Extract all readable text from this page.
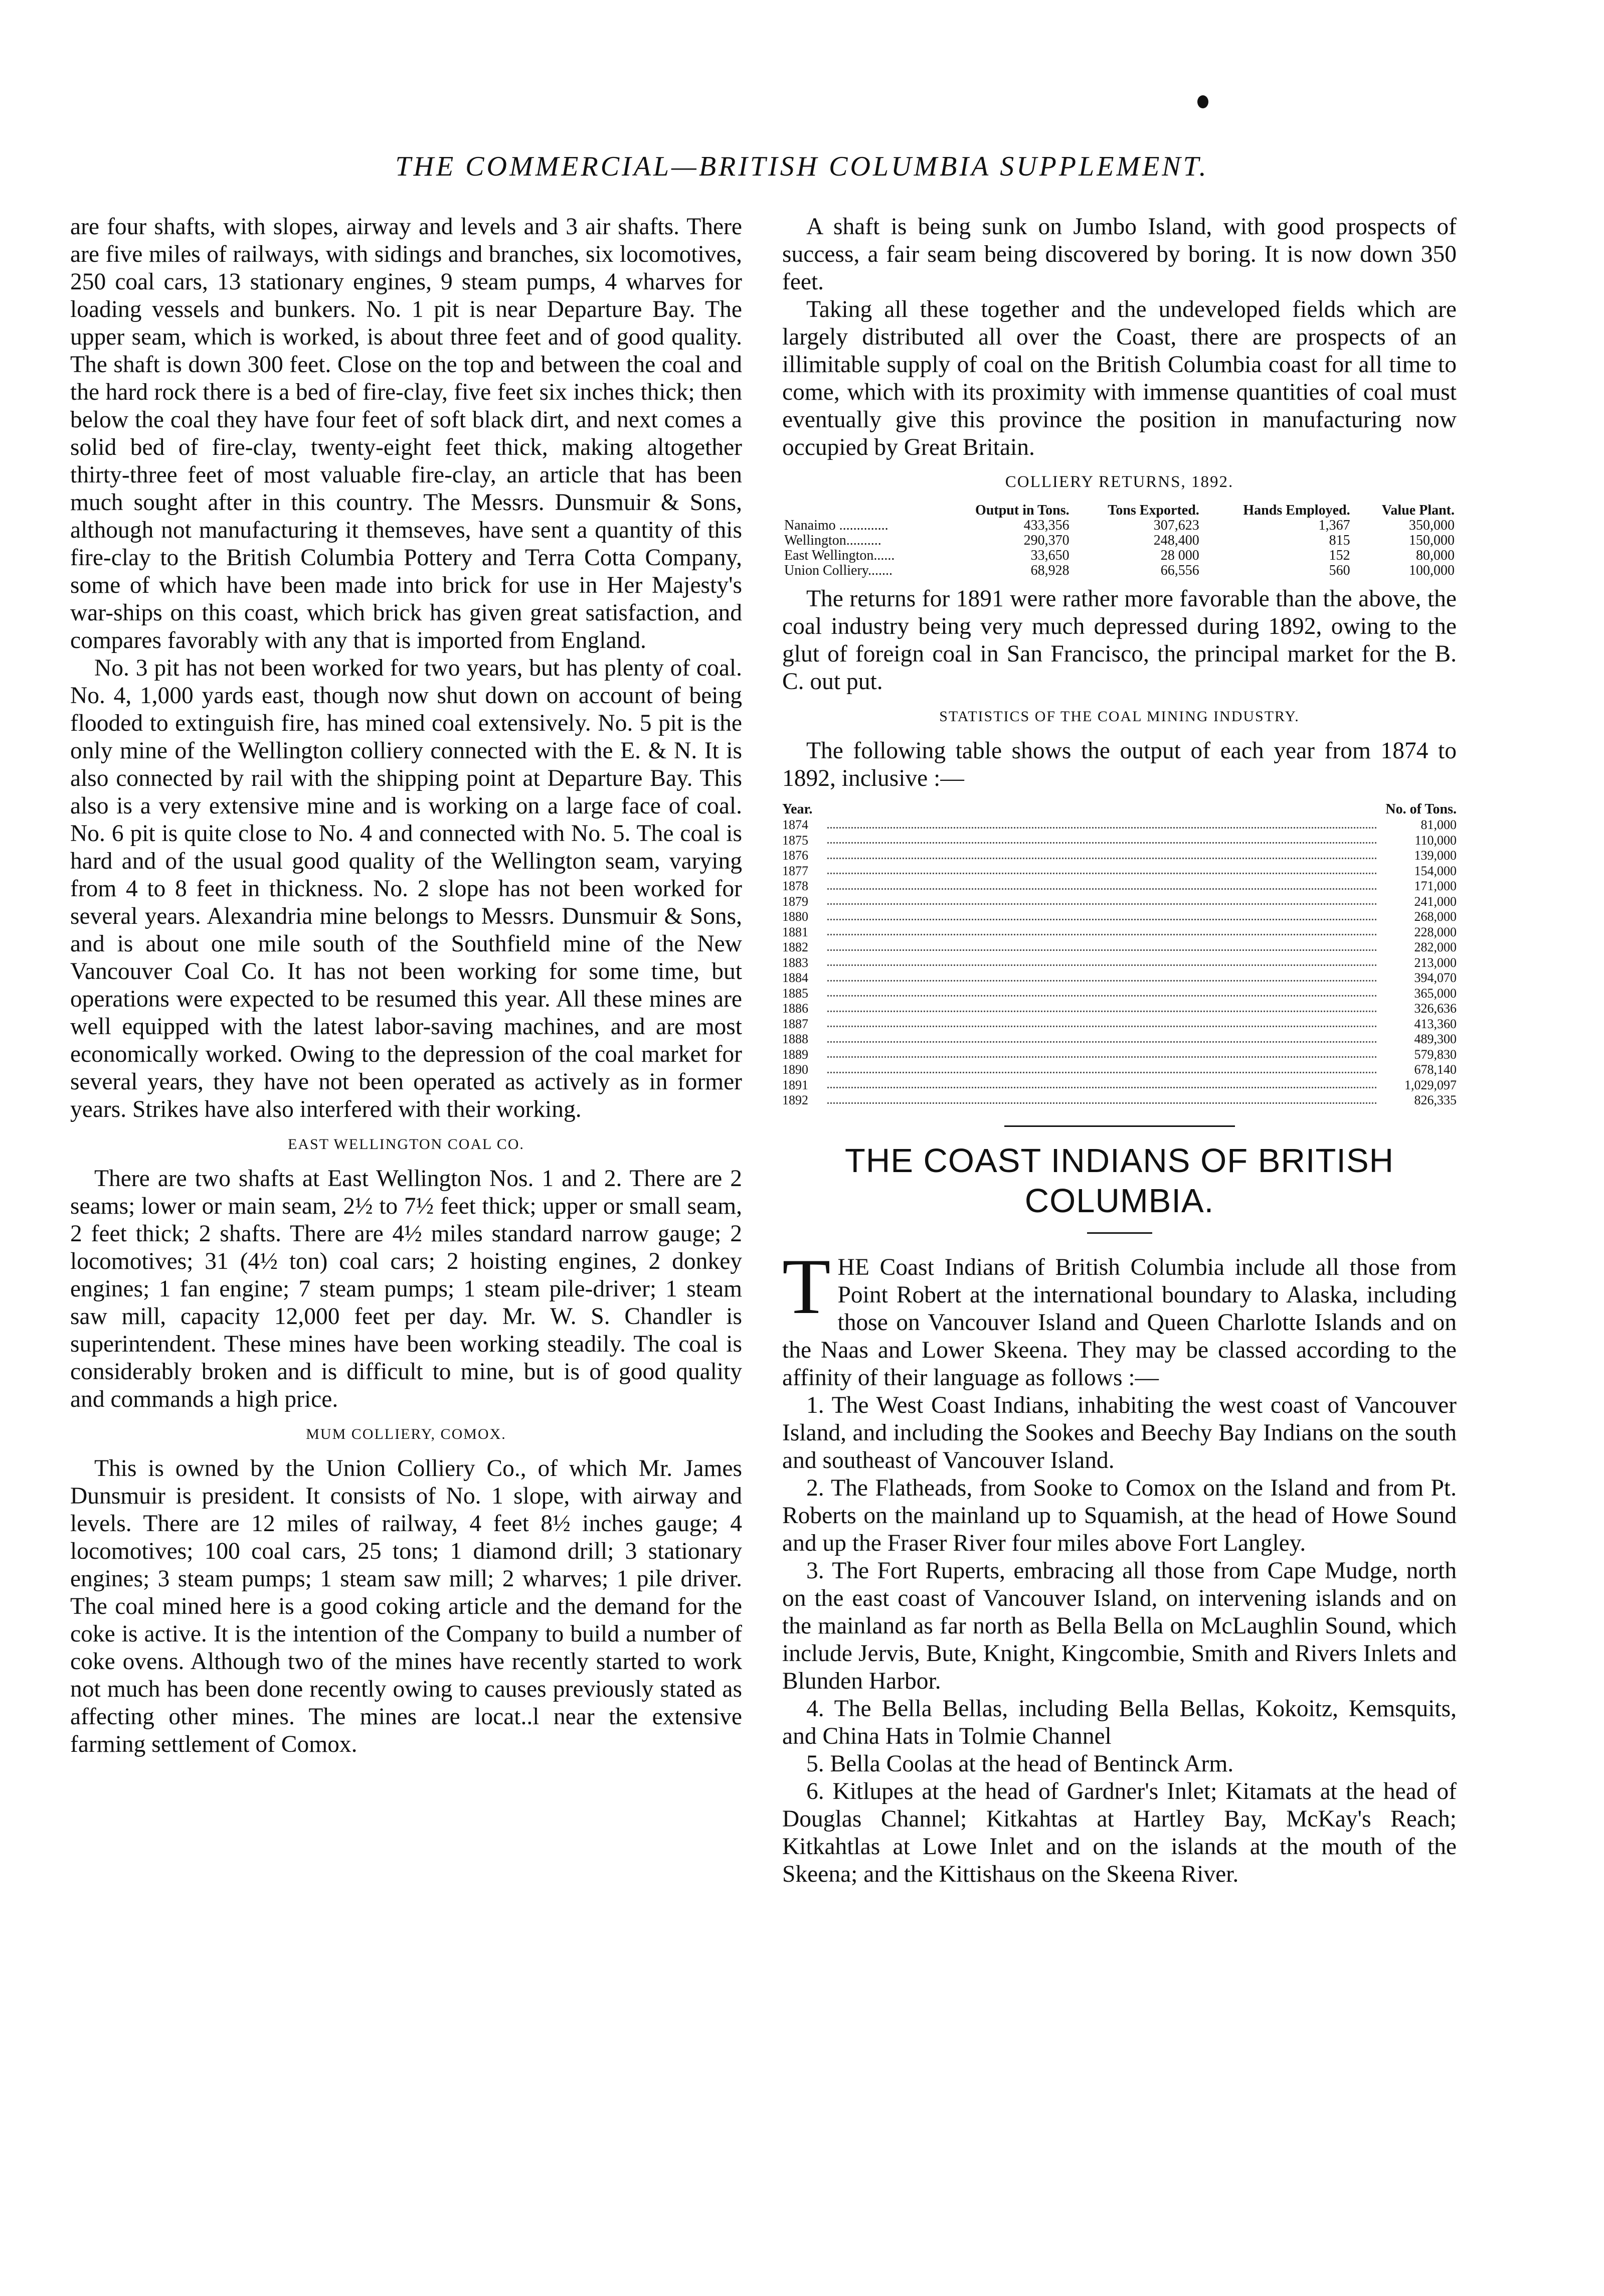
THE COMMERCIAL—BRITISH COLUMBIA SUPPLEMENT.

are four shafts, with slopes, airway and levels and 3 air shafts. There are five miles of railways, with sidings and branches, six locomotives, 250 coal cars, 13 stationary engines, 9 steam pumps, 4 wharves for loading vessels and bunkers. No. 1 pit is near Departure Bay. The upper seam, which is worked, is about three feet and of good quality. The shaft is down 300 feet. Close on the top and between the coal and the hard rock there is a bed of fire-clay, five feet six inches thick; then below the coal they have four feet of soft black dirt, and next comes a solid bed of fire-clay, twenty-eight feet thick, making altogether thirty-three feet of most valuable fire-clay, an article that has been much sought after in this country. The Messrs. Dunsmuir & Sons, although not manufacturing it themseves, have sent a quantity of this fire-clay to the British Columbia Pottery and Terra Cotta Company, some of which have been made into brick for use in Her Majesty's war-ships on this coast, which brick has given great satisfaction, and compares favorably with any that is imported from England.

No. 3 pit has not been worked for two years, but has plenty of coal. No. 4, 1,000 yards east, though now shut down on account of being flooded to extinguish fire, has mined coal extensively. No. 5 pit is the only mine of the Wellington colliery connected with the E. & N. It is also connected by rail with the shipping point at Departure Bay. This also is a very extensive mine and is working on a large face of coal. No. 6 pit is quite close to No. 4 and connected with No. 5. The coal is hard and of the usual good quality of the Wellington seam, varying from 4 to 8 feet in thickness. No. 2 slope has not been worked for several years. Alexandria mine belongs to Messrs. Dunsmuir & Sons, and is about one mile south of the Southfield mine of the New Vancouver Coal Co. It has not been working for some time, but operations were expected to be resumed this year. All these mines are well equipped with the latest labor-saving machines, and are most economically worked. Owing to the depression of the coal market for several years, they have not been operated as actively as in former years. Strikes have also interfered with their working.

EAST WELLINGTON COAL CO.

There are two shafts at East Wellington Nos. 1 and 2. There are 2 seams; lower or main seam, 2½ to 7½ feet thick; upper or small seam, 2 feet thick; 2 shafts. There are 4½ miles standard narrow gauge; 2 locomotives; 31 (4½ ton) coal cars; 2 hoisting engines, 2 donkey engines; 1 fan engine; 7 steam pumps; 1 steam pile-driver; 1 steam saw mill, capacity 12,000 feet per day. Mr. W. S. Chandler is superintendent. These mines have been working steadily. The coal is considerably broken and is difficult to mine, but is of good quality and commands a high price.

MUM COLLIERY, COMOX.

This is owned by the Union Colliery Co., of which Mr. James Dunsmuir is president. It consists of No. 1 slope, with airway and levels. There are 12 miles of railway, 4 feet 8½ inches gauge; 4 locomotives; 100 coal cars, 25 tons; 1 diamond drill; 3 stationary engines; 3 steam pumps; 1 steam saw mill; 2 wharves; 1 pile driver. The coal mined here is a good coking article and the demand for the coke is active. It is the intention of the Company to build a number of coke ovens. Although two of the mines have recently started to work not much has been done recently owing to causes previously stated as affecting other mines. The mines are locat..l near the extensive farming settlement of Comox.

A shaft is being sunk on Jumbo Island, with good prospects of success, a fair seam being discovered by boring. It is now down 350 feet.

Taking all these together and the undeveloped fields which are largely distributed all over the Coast, there are prospects of an illimitable supply of coal on the British Columbia coast for all time to come, which with its proximity with immense quantities of coal must eventually give this province the position in manufacturing now occupied by Great Britain.

COLLIERY RETURNS, 1892.
	Output in Tons.	Tons Exported.	Hands Employed.	Value Plant.
Nanaimo ..............	433,356	307,623	1,367	350,000
Wellington..........	290,370	248,400	815	150,000
East Wellington......	33,650	28 000	152	80,000
Union Colliery.......	68,928	66,556	560	100,000

The returns for 1891 were rather more favorable than the above, the coal industry being very much depressed during 1892, owing to the glut of foreign coal in San Francisco, the principal market for the B. C. out put.

STATISTICS OF THE COAL MINING INDUSTRY.

The following table shows the output of each year from 1874 to 1892, inclusive :—

Year.	No. of Tons.
1874	81,000
1875	110,000
1876	139,000
1877	154,000
1878	171,000
1879	241,000
1880	268,000
1881	228,000
1882	282,000
1883	213,000
1884	394,070
1885	365,000
1886	326,636
1887	413,360
1888	489,300
1889	579,830
1890	678,140
1891	1,029,097
1892	826,335
THE COAST INDIANS OF BRITISH COLUMBIA.

THE Coast Indians of British Columbia include all those from Point Robert at the international boundary to Alaska, including those on Vancouver Island and Queen Charlotte Islands and on the Naas and Lower Skeena. They may be classed according to the affinity of their language as follows :—

1. The West Coast Indians, inhabiting the west coast of Vancouver Island, and including the Sookes and Beechy Bay Indians on the south and southeast of Vancouver Island.

2. The Flatheads, from Sooke to Comox on the Island and from Pt. Roberts on the mainland up to Squamish, at the head of Howe Sound and up the Fraser River four miles above Fort Langley.

3. The Fort Ruperts, embracing all those from Cape Mudge, north on the east coast of Vancouver Island, on intervening islands and on the mainland as far north as Bella Bella on McLaughlin Sound, which include Jervis, Bute, Knight, Kingcombie, Smith and Rivers Inlets and Blunden Harbor.

4. The Bella Bellas, including Bella Bellas, Kokoitz, Kemsquits, and China Hats in Tolmie Channel

5. Bella Coolas at the head of Bentinck Arm.

6. Kitlupes at the head of Gardner's Inlet; Kitamats at the head of Douglas Channel; Kitkahtas at Hartley Bay, McKay's Reach; Kitkahtlas at Lowe Inlet and on the islands at the mouth of the Skeena; and the Kittishaus on the Skeena River.
